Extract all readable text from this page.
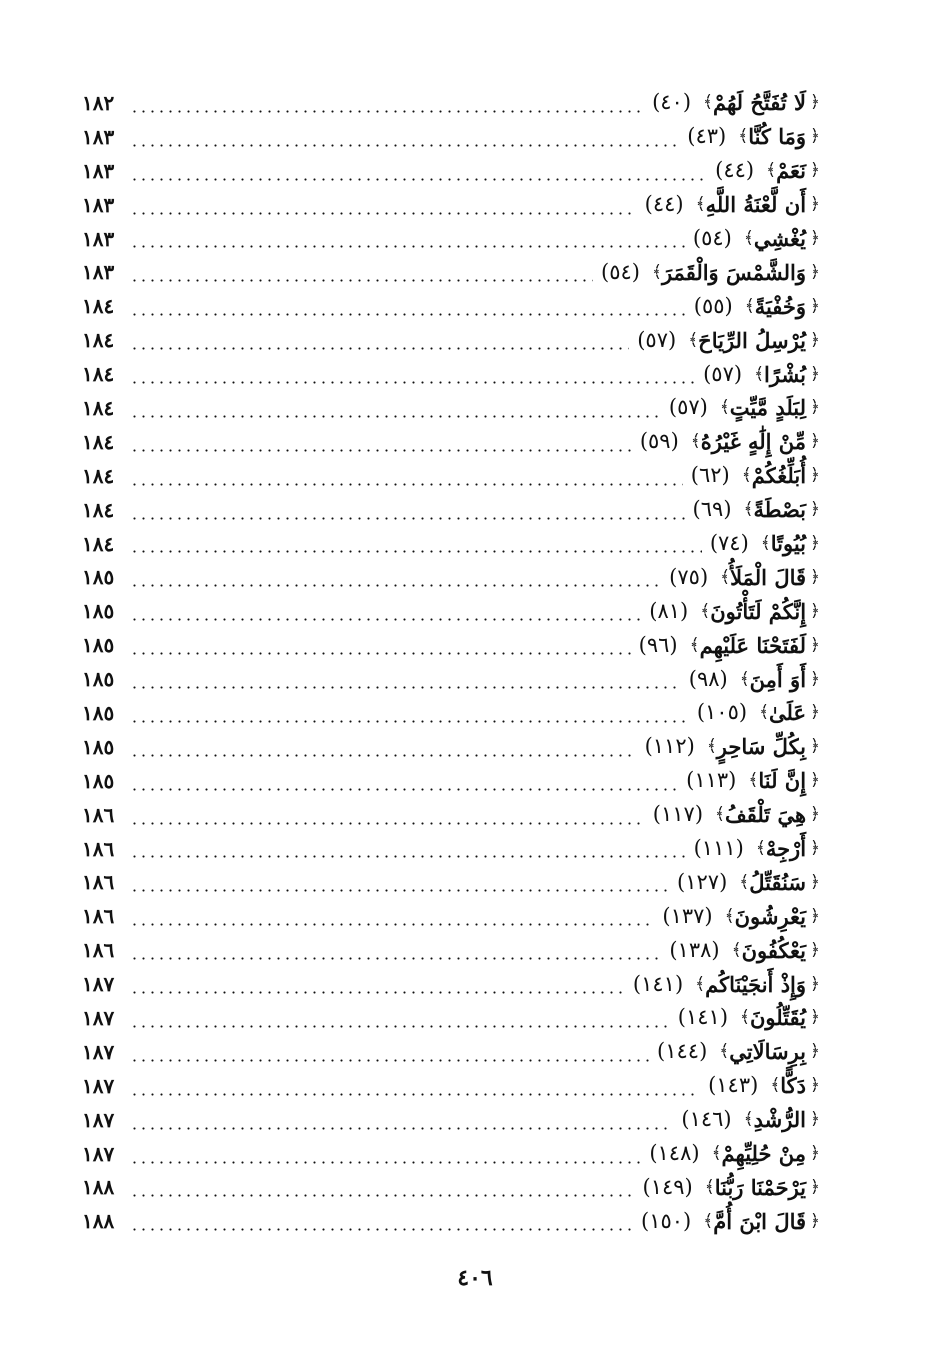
﴿
لَا تُفَتَّحُ لَهُمْ
﴾
(٤٠)
١٨٢
﴿
وَمَا كُنَّا
﴾
(٤٣)
١٨٣
﴿
نَعَمْ
﴾
(٤٤)
١٨٣
﴿
أَن لَّعْنَةُ اللَّهِ
﴾
(٤٤)
١٨٣
﴿
يُغْشِي
﴾
(٥٤)
١٨٣
﴿
وَالشَّمْسَ وَالْقَمَرَ
﴾
(٥٤)
١٨٣
﴿
وَخُفْيَةً
﴾
(٥٥)
١٨٤
﴿
يُرْسِلُ الرِّيَاحَ
﴾
(٥٧)
١٨٤
﴿
بُشْرًا
﴾
(٥٧)
١٨٤
﴿
لِبَلَدٍ مَّيِّتٍ
﴾
(٥٧)
١٨٤
﴿
مِّنْ إِلَٰهٍ غَيْرُهُ
﴾
(٥٩)
١٨٤
﴿
أُبَلِّغُكُمْ
﴾
(٦٢)
١٨٤
﴿
بَصْطَةً
﴾
(٦٩)
١٨٤
﴿
بُيُوتًا
﴾
(٧٤)
١٨٤
﴿
قَالَ الْمَلَأُ
﴾
(٧٥)
١٨٥
﴿
إِنَّكُمْ لَتَأْتُونَ
﴾
(٨١)
١٨٥
﴿
لَفَتَحْنَا عَلَيْهِم
﴾
(٩٦)
١٨٥
﴿
أَوَ أَمِنَ
﴾
(٩٨)
١٨٥
﴿
عَلَىٰ
﴾
(١٠٥)
١٨٥
﴿
بِكُلِّ سَاحِرٍ
﴾
(١١٢)
١٨٥
﴿
إِنَّ لَنَا
﴾
(١١٣)
١٨٥
﴿
هِيَ تَلْقَفُ
﴾
(١١٧)
١٨٦
﴿
أَرْجِهْ
﴾
(١١١)
١٨٦
﴿
سَنُقَتِّلُ
﴾
(١٢٧)
١٨٦
﴿
يَعْرِشُونَ
﴾
(١٣٧)
١٨٦
﴿
يَعْكُفُونَ
﴾
(١٣٨)
١٨٦
﴿
وَإِذْ أَنجَيْنَاكُم
﴾
(١٤١)
١٨٧
﴿
يُقَتِّلُونَ
﴾
(١٤١)
١٨٧
﴿
بِرِسَالَاتِي
﴾
(١٤٤)
١٨٧
﴿
دَكًّا
﴾
(١٤٣)
١٨٧
﴿
الرُّشْدِ
﴾
(١٤٦)
١٨٧
﴿
مِنْ حُلِيِّهِمْ
﴾
(١٤٨)
١٨٧
﴿
يَرْحَمْنَا رَبُّنَا
﴾
(١٤٩)
١٨٨
﴿
قَالَ ابْنَ أُمَّ
﴾
(١٥٠)
١٨٨
٤٠٦
